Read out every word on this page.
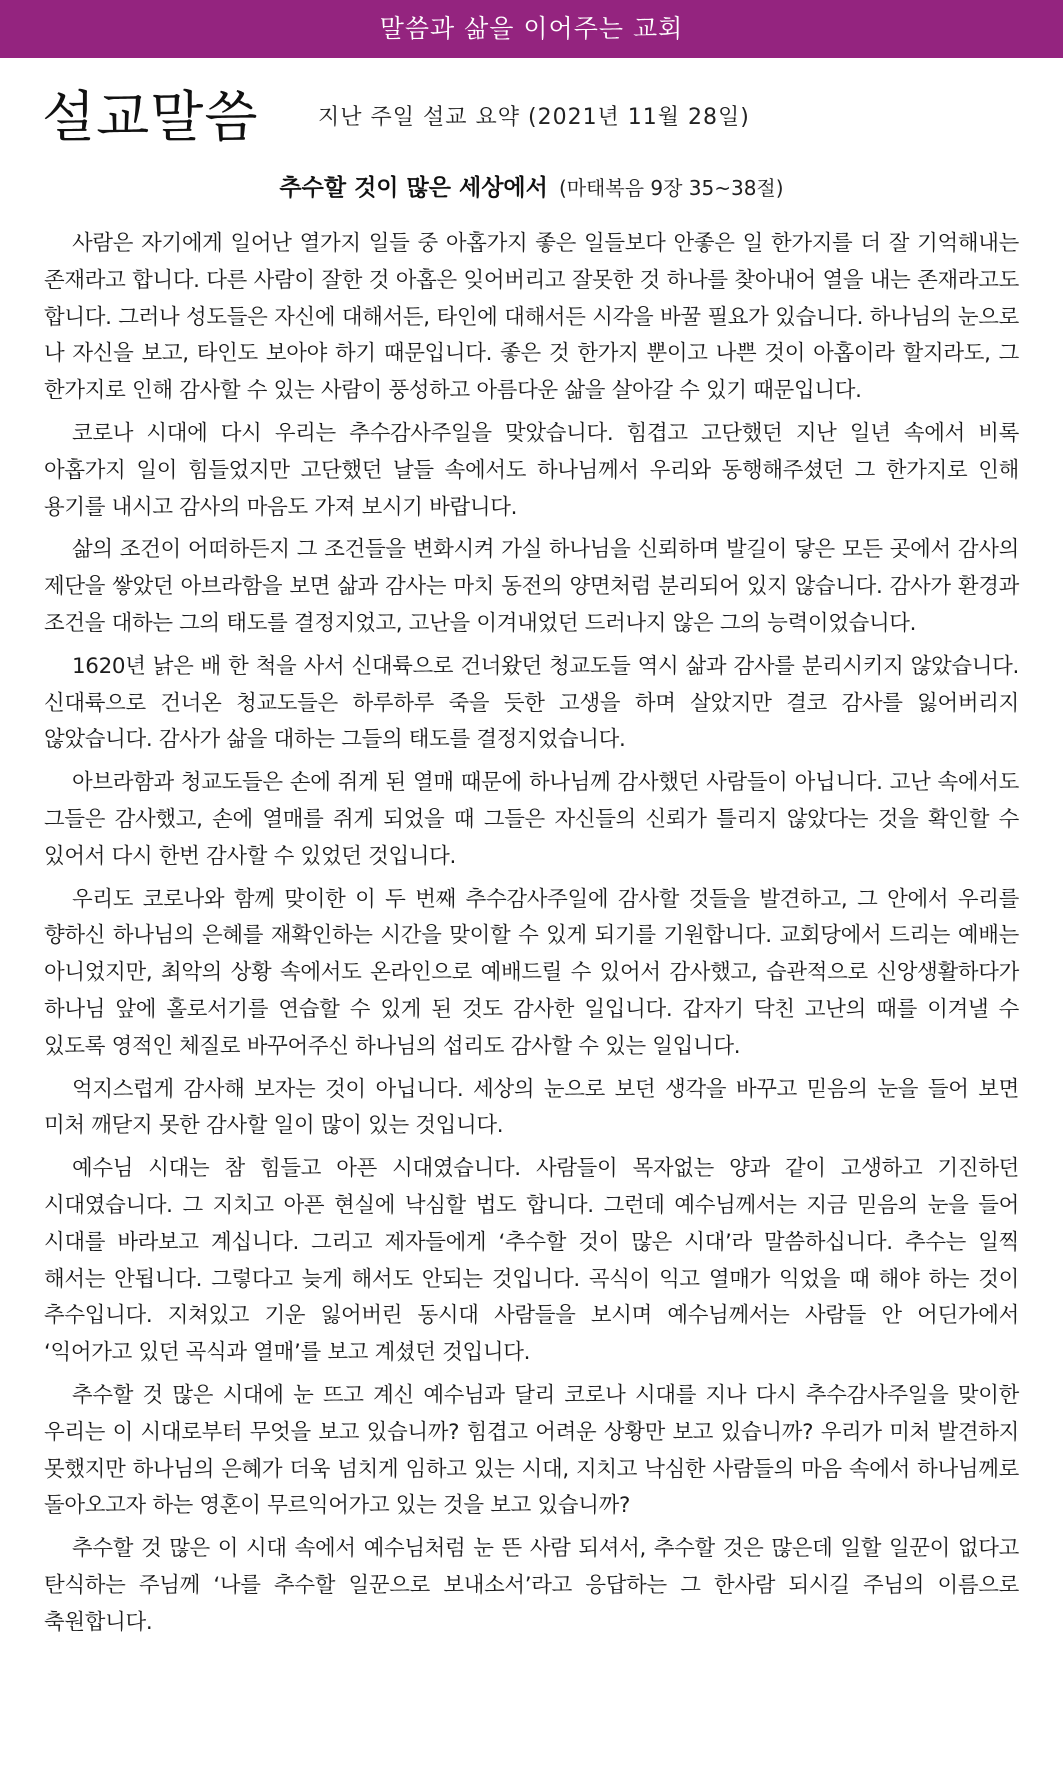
말씀과 삶을 이어주는 교회
설교말씀	지난 주일 설교 요약 (2021년 11월 28일)
추수할 것이 많은 세상에서 (마태복음 9장 35~38절)

사람은 자기에게 일어난 열가지 일들 중 아홉가지 좋은 일들보다 안좋은 일 한가지를 더 잘 기억해내는 존재라고 합니다. 다른 사람이 잘한 것 아홉은 잊어버리고 잘못한 것 하나를 찾아내어 열을 내는 존재라고도 합니다. 그러나 성도들은 자신에 대해서든, 타인에 대해서든 시각을 바꿀 필요가 있습니다. 하나님의 눈으로 나 자신을 보고, 타인도 보아야 하기 때문입니다. 좋은 것 한가지 뿐이고 나쁜 것이 아홉이라 할지라도, 그 한가지로 인해 감사할 수 있는 사람이 풍성하고 아름다운 삶을 살아갈 수 있기 때문입니다.

코로나 시대에 다시 우리는 추수감사주일을 맞았습니다. 힘겹고 고단했던 지난 일년 속에서 비록 아홉가지 일이 힘들었지만 고단했던 날들 속에서도 하나님께서 우리와 동행해주셨던 그 한가지로 인해 용기를 내시고 감사의 마음도 가져 보시기 바랍니다.

삶의 조건이 어떠하든지 그 조건들을 변화시켜 가실 하나님을 신뢰하며 발길이 닿은 모든 곳에서 감사의 제단을 쌓았던 아브라함을 보면 삶과 감사는 마치 동전의 양면처럼 분리되어 있지 않습니다. 감사가 환경과 조건을 대하는 그의 태도를 결정지었고, 고난을 이겨내었던 드러나지 않은 그의 능력이었습니다.

1620년 낡은 배 한 척을 사서 신대륙으로 건너왔던 청교도들 역시 삶과 감사를 분리시키지 않았습니다. 신대륙으로 건너온 청교도들은 하루하루 죽을 듯한 고생을 하며 살았지만 결코 감사를 잃어버리지 않았습니다. 감사가 삶을 대하는 그들의 태도를 결정지었습니다.

아브라함과 청교도들은 손에 쥐게 된 열매 때문에 하나님께 감사했던 사람들이 아닙니다. 고난 속에서도 그들은 감사했고, 손에 열매를 쥐게 되었을 때 그들은 자신들의 신뢰가 틀리지 않았다는 것을 확인할 수 있어서 다시 한번 감사할 수 있었던 것입니다.

우리도 코로나와 함께 맞이한 이 두 번째 추수감사주일에 감사할 것들을 발견하고, 그 안에서 우리를 향하신 하나님의 은혜를 재확인하는 시간을 맞이할 수 있게 되기를 기원합니다. 교회당에서 드리는 예배는 아니었지만, 최악의 상황 속에서도 온라인으로 예배드릴 수 있어서 감사했고, 습관적으로 신앙생활하다가 하나님 앞에 홀로서기를 연습할 수 있게 된 것도 감사한 일입니다. 갑자기 닥친 고난의 때를 이겨낼 수 있도록 영적인 체질로 바꾸어주신 하나님의 섭리도 감사할 수 있는 일입니다.

억지스럽게 감사해 보자는 것이 아닙니다. 세상의 눈으로 보던 생각을 바꾸고 믿음의 눈을 들어 보면 미처 깨닫지 못한 감사할 일이 많이 있는 것입니다.

예수님 시대는 참 힘들고 아픈 시대였습니다. 사람들이 목자없는 양과 같이 고생하고 기진하던 시대였습니다. 그 지치고 아픈 현실에 낙심할 법도 합니다. 그런데 예수님께서는 지금 믿음의 눈을 들어 시대를 바라보고 계십니다. 그리고 제자들에게 ‘추수할 것이 많은 시대’라 말씀하십니다. 추수는 일찍 해서는 안됩니다. 그렇다고 늦게 해서도 안되는 것입니다. 곡식이 익고 열매가 익었을 때 해야 하는 것이 추수입니다. 지쳐있고 기운 잃어버린 동시대 사람들을 보시며 예수님께서는 사람들 안 어딘가에서 ‘익어가고 있던 곡식과 열매’를 보고 계셨던 것입니다.

추수할 것 많은 시대에 눈 뜨고 계신 예수님과 달리 코로나 시대를 지나 다시 추수감사주일을 맞이한 우리는 이 시대로부터 무엇을 보고 있습니까? 힘겹고 어려운 상황만 보고 있습니까? 우리가 미처 발견하지 못했지만 하나님의 은혜가 더욱 넘치게 임하고 있는 시대, 지치고 낙심한 사람들의 마음 속에서 하나님께로 돌아오고자 하는 영혼이 무르익어가고 있는 것을 보고 있습니까?

추수할 것 많은 이 시대 속에서 예수님처럼 눈 뜬 사람 되셔서, 추수할 것은 많은데 일할 일꾼이 없다고 탄식하는 주님께 ‘나를 추수할 일꾼으로 보내소서’라고 응답하는 그 한사람 되시길 주님의 이름으로 축원합니다.
